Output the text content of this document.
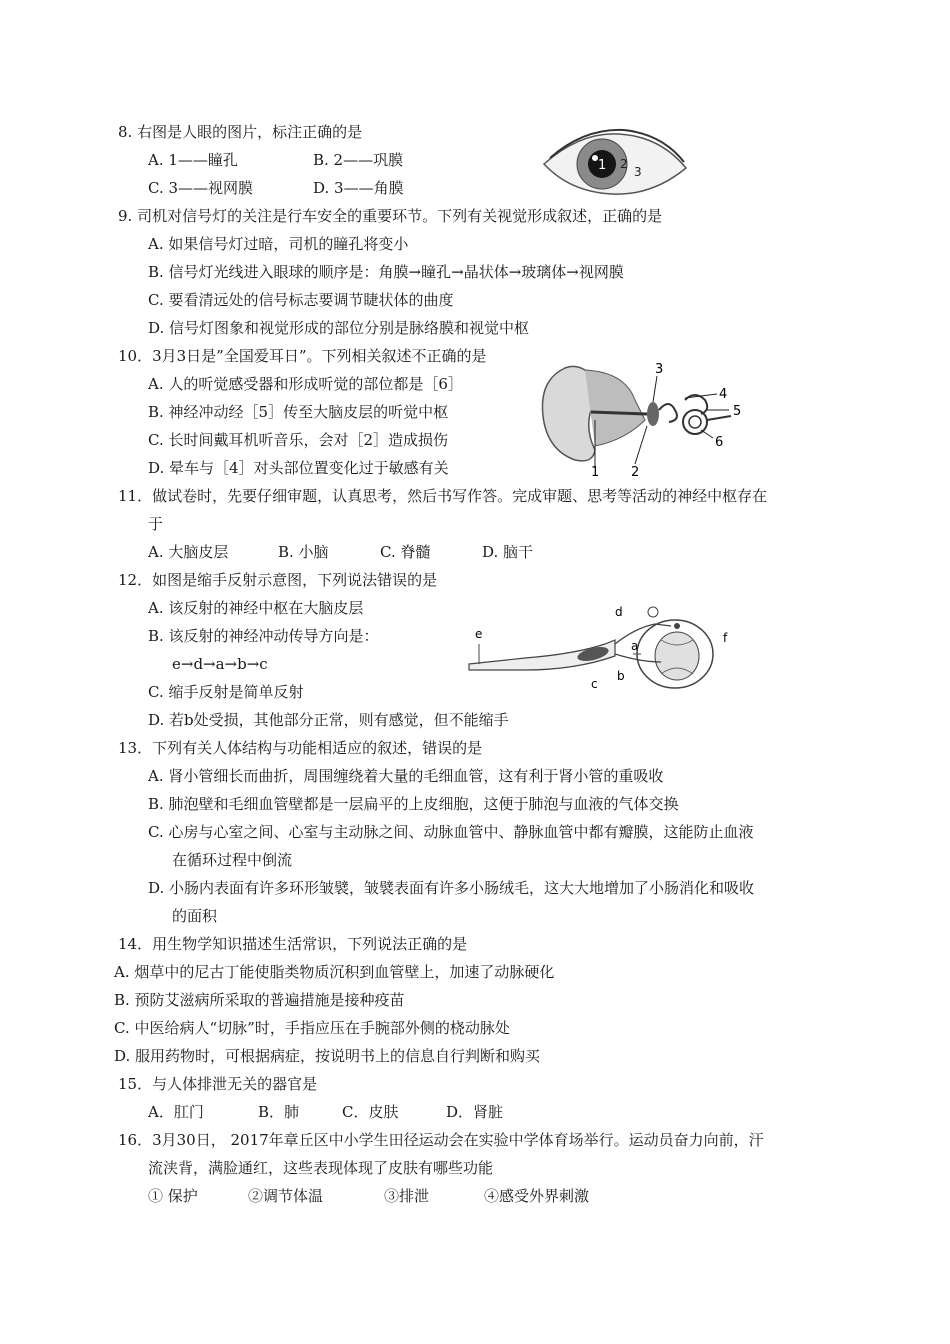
8. 右图是人眼的图片，标注正确的是
A. 1——瞳孔	B. 2——巩膜
C. 3——视网膜	D. 3——角膜
1 2
3
9. 司机对信号灯的关注是行车安全的重要环节。下列有关视觉形成叙述，正确的是
A. 如果信号灯过暗，司机的瞳孔将变小
B. 信号灯光线进入眼球的顺序是：角膜→瞳孔→晶状体→玻璃体→视网膜
C. 要看清远处的信号标志要调节睫状体的曲度
D. 信号灯图象和视觉形成的部位分别是脉络膜和视觉中枢
10．3月3日是”全国爱耳日”。下列相关叙述不正确的是
A. 人的听觉感受器和形成听觉的部位都是［6］
B. 神经冲动经［5］传至大脑皮层的听觉中枢
C. 长时间戴耳机听音乐，会对［2］造成损伤
D. 晕车与［4］对头部位置变化过于敏感有关	1 2
3
4
5
6
11．做试卷时，先要仔细审题，认真思考，然后书写作答。完成审题、思考等活动的神经中枢存在
于
A. 大脑皮层	B. 小脑	C. 脊髓	D. 脑干
12．如图是缩手反射示意图，下列说法错误的是
A. 该反射的神经中枢在大脑皮层
B. 该反射的神经冲动传导方向是：
e→d→a→b→c
C. 缩手反射是简单反射
D. 若b处受损，其他部分正常，则有感觉，但不能缩手
e
d
a
b
c
f
13．下列有关人体结构与功能相适应的叙述，错误的是
A. 肾小管细长而曲折，周围缠绕着大量的毛细血管，这有利于肾小管的重吸收
B. 肺泡壁和毛细血管壁都是一层扁平的上皮细胞，这便于肺泡与血液的气体交换
C. 心房与心室之间、心室与主动脉之间、动脉血管中、静脉血管中都有瓣膜，这能防止血液
在循环过程中倒流
D. 小肠内表面有许多环形皱襞，皱襞表面有许多小肠绒毛，这大大地增加了小肠消化和吸收
的面积
14．用生物学知识描述生活常识，下列说法正确的是
A. 烟草中的尼古丁能使脂类物质沉积到血管壁上，加速了动脉硬化
B. 预防艾滋病所采取的普遍措施是接种疫苗
C. 中医给病人“切脉”时，手指应压在手腕部外侧的桡动脉处
D. 服用药物时，可根据病症，按说明书上的信息自行判断和购买
15．与人体排泄无关的器官是
A．肛门	B．肺	C．皮肤	D．肾脏
16．3月30日， 2017年章丘区中小学生田径运动会在实验中学体育场举行。运动员奋力向前，汗
流浃背，满脸通红，这些表现体现了皮肤有哪些功能
① 保护	②调节体温	③排泄	④感受外界刺激
